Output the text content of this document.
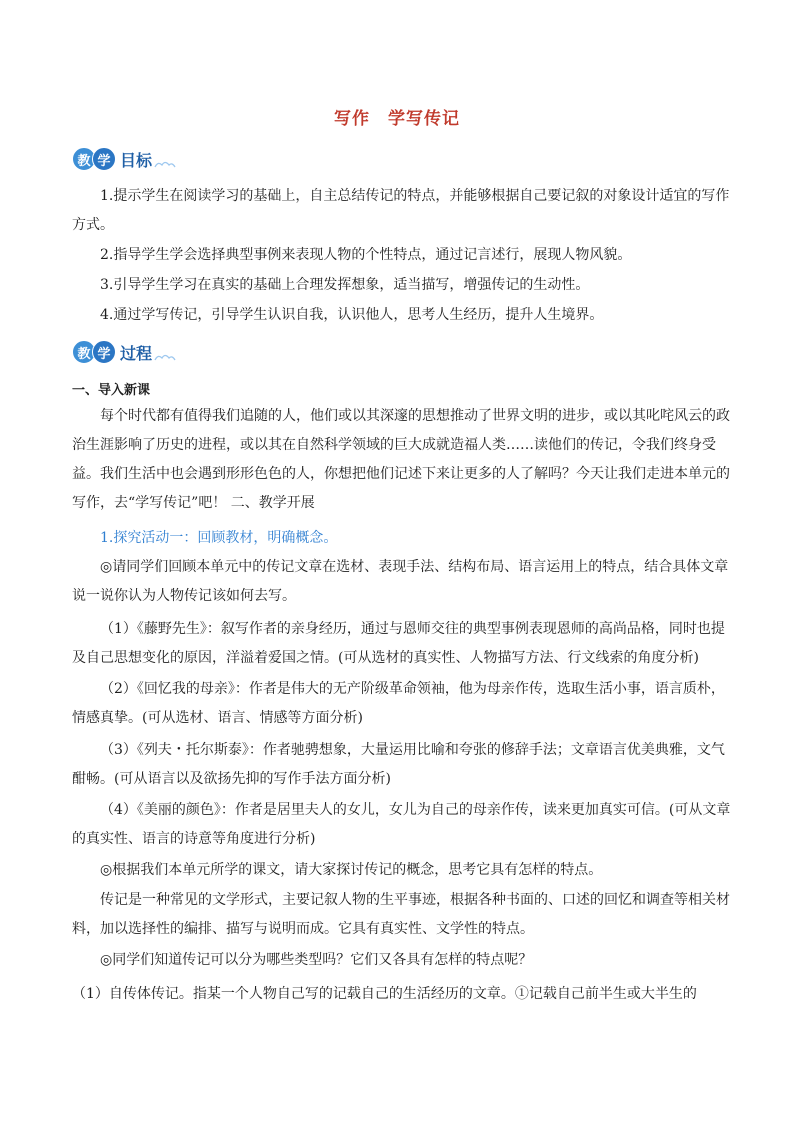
写作　学写传记
教 学 目标

1.提示学生在阅读学习的基础上，自主总结传记的特点，并能够根据自己要记叙的对象设计适宜的写作方式。

2.指导学生学会选择典型事例来表现人物的个性特点，通过记言述行，展现人物风貌。

3.引导学生学习在真实的基础上合理发挥想象，适当描写，增强传记的生动性。

4.通过学写传记，引导学生认识自我，认识他人，思考人生经历，提升人生境界。

教 学 过程

一、导入新课

每个时代都有值得我们追随的人，他们或以其深邃的思想推动了世界文明的进步，或以其叱咤风云的政治生涯影响了历史的进程，或以其在自然科学领域的巨大成就造福人类……读他们的传记，令我们终身受益。我们生活中也会遇到形形色色的人，你想把他们记述下来让更多的人了解吗？今天让我们走进本单元的写作，去“学写传记”吧！ 二、教学开展

1.探究活动一：回顾教材，明确概念。

◎请同学们回顾本单元中的传记文章在选材、表现手法、结构布局、语言运用上的特点，结合具体文章说一说你认为人物传记该如何去写。

（1）《藤野先生》：叙写作者的亲身经历，通过与恩师交往的典型事例表现恩师的高尚品格，同时也提及自己思想变化的原因，洋溢着爱国之情。(可从选材的真实性、人物描写方法、行文线索的角度分析)

（2）《回忆我的母亲》：作者是伟大的无产阶级革命领袖，他为母亲作传，选取生活小事，语言质朴，情感真挚。(可从选材、语言、情感等方面分析)

（3）《列夫・托尔斯泰》：作者驰骋想象，大量运用比喻和夸张的修辞手法；文章语言优美典雅，文气酣畅。(可从语言以及欲扬先抑的写作手法方面分析)

（4）《美丽的颜色》：作者是居里夫人的女儿，女儿为自己的母亲作传，读来更加真实可信。(可从文章的真实性、语言的诗意等角度进行分析)

◎根据我们本单元所学的课文，请大家探讨传记的概念，思考它具有怎样的特点。

传记是一种常见的文学形式，主要记叙人物的生平事迹，根据各种书面的、口述的回忆和调查等相关材料，加以选择性的编排、描写与说明而成。它具有真实性、文学性的特点。

◎同学们知道传记可以分为哪些类型吗？它们又各具有怎样的特点呢？

（1）自传体传记。指某一个人物自己写的记载自己的生活经历的文章。①记载自己前半生或大半生的
